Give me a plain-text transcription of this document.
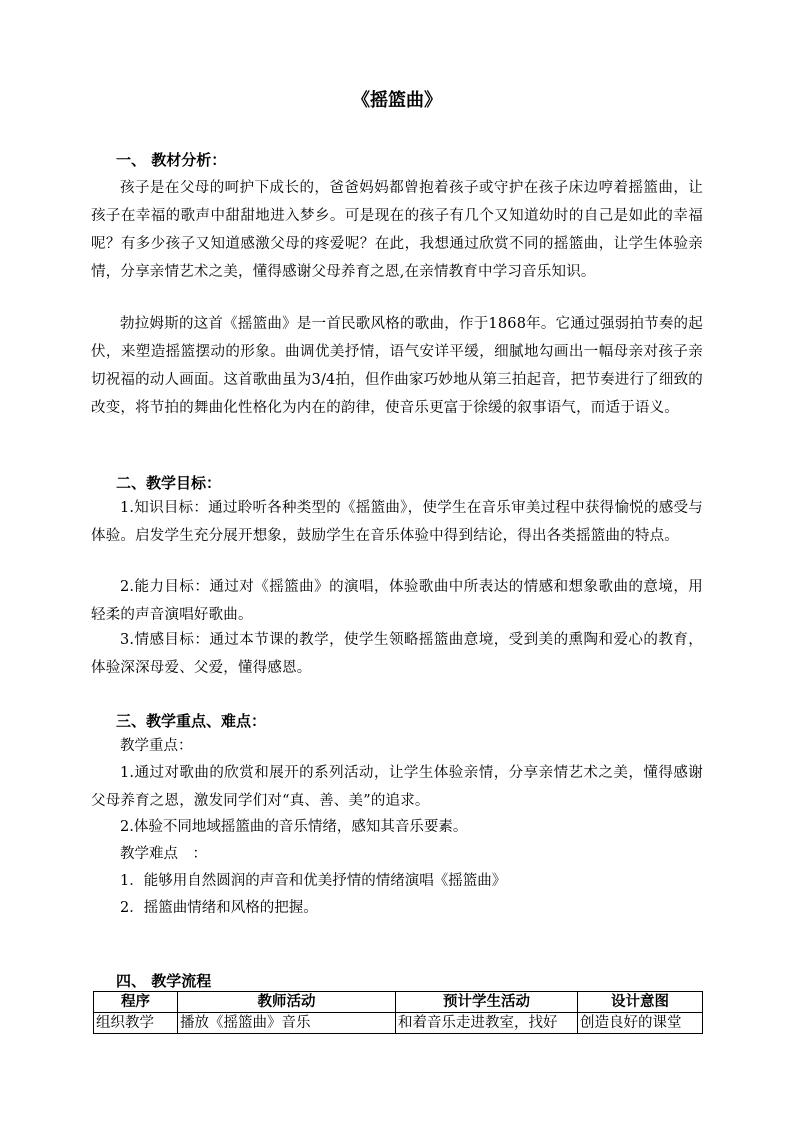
《摇篮曲》
一、 教材分析：
孩子是在父母的呵护下成长的，爸爸妈妈都曾抱着孩子或守护在孩子床边哼着摇篮曲，让孩子在幸福的歌声中甜甜地进入梦乡。可是现在的孩子有几个又知道幼时的自己是如此的幸福呢？有多少孩子又知道感激父母的疼爱呢？在此，我想通过欣赏不同的摇篮曲，让学生体验亲情，分享亲情艺术之美，懂得感谢父母养育之恩,在亲情教育中学习音乐知识。
勃拉姆斯的这首《摇篮曲》是一首民歌风格的歌曲，作于1868年。它通过强弱拍节奏的起伏，来塑造摇篮摆动的形象。曲调优美抒情，语气安详平缓，细腻地勾画出一幅母亲对孩子亲切祝福的动人画面。这首歌曲虽为3/4拍，但作曲家巧妙地从第三拍起音，把节奏进行了细致的改变，将节拍的舞曲化性格化为内在的韵律，使音乐更富于徐缓的叙事语气，而适于语义。
二、教学目标：
1.知识目标：通过聆听各种类型的《摇篮曲》，使学生在音乐审美过程中获得愉悦的感受与体验。启发学生充分展开想象，鼓励学生在音乐体验中得到结论，得出各类摇篮曲的特点。
2.能力目标：通过对《摇篮曲》的演唱，体验歌曲中所表达的情感和想象歌曲的意境，用轻柔的声音演唱好歌曲。
3.情感目标：通过本节课的教学，使学生领略摇篮曲意境，受到美的熏陶和爱心的教育，体验深深母爱、父爱，懂得感恩。
三、教学重点、难点：
教学重点：
1.通过对歌曲的欣赏和展开的系列活动，让学生体验亲情，分享亲情艺术之美，懂得感谢父母养育之恩，激发同学们对“真、善、美”的追求。
2.体验不同地域摇篮曲的音乐情绪，感知其音乐要素。
教学难点　：
1．能够用自然圆润的声音和优美抒情的情绪演唱《摇篮曲》
2．摇篮曲情绪和风格的把握。
四、 教学流程
程序	教师活动	预计学生活动	设计意图
组织教学	播放《摇篮曲》音乐	和着音乐走进教室，找好	创造良好的课堂
